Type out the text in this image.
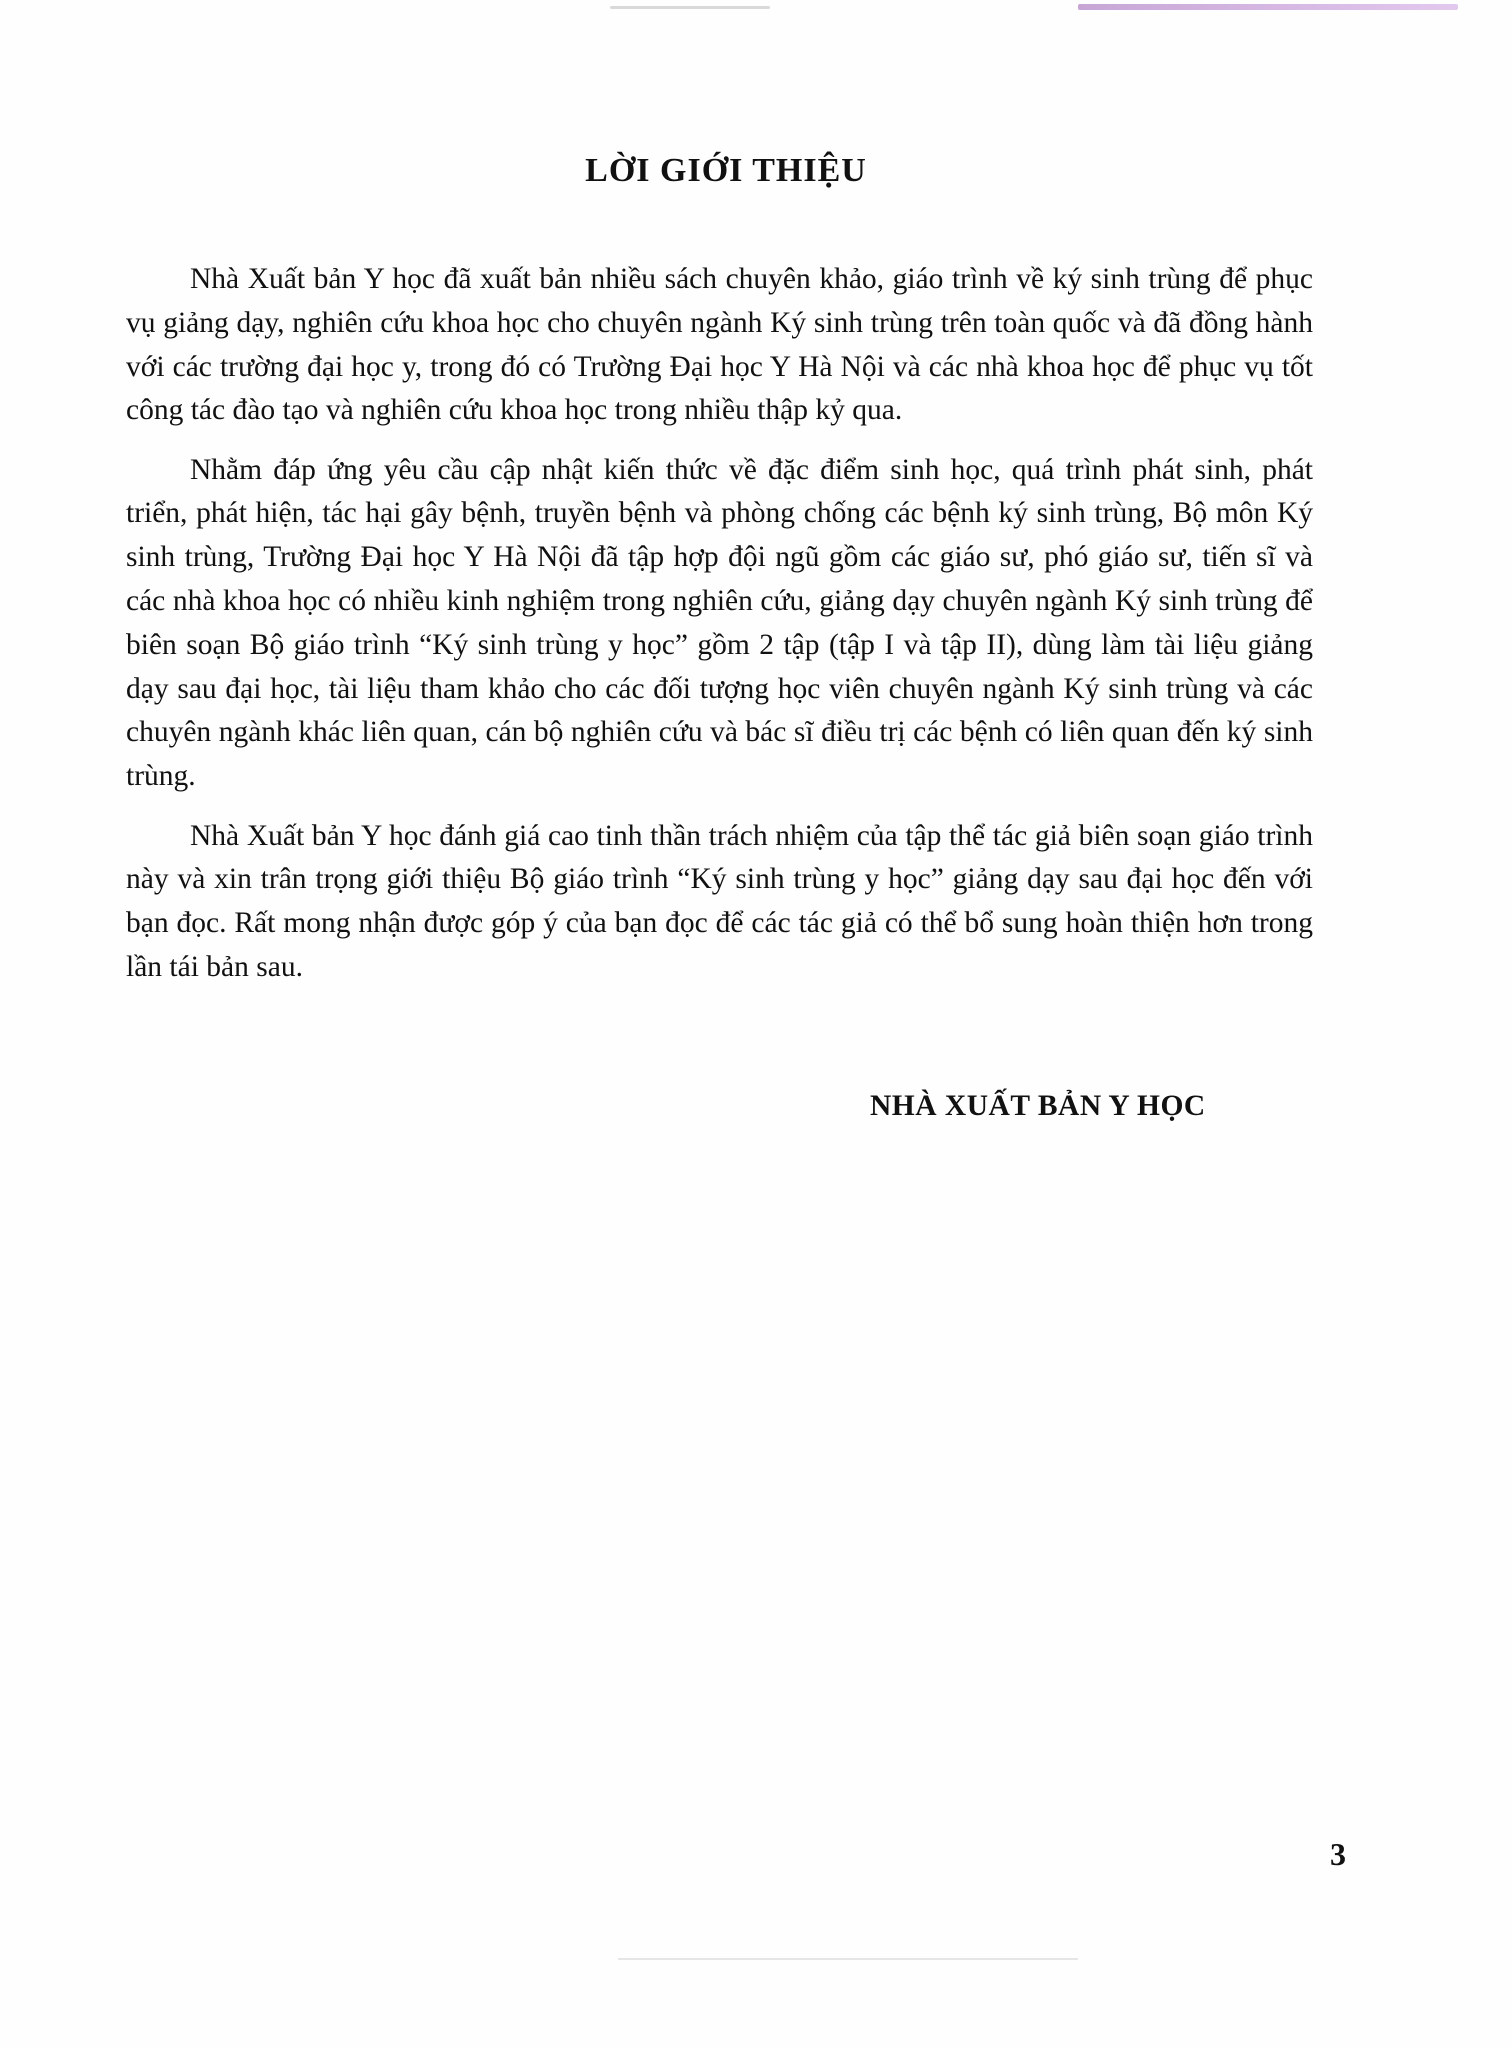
LỜI GIỚI THIỆU

Nhà Xuất bản Y học đã xuất bản nhiều sách chuyên khảo, giáo trình về ký sinh trùng để phục vụ giảng dạy, nghiên cứu khoa học cho chuyên ngành Ký sinh trùng trên toàn quốc và đã đồng hành với các trường đại học y, trong đó có Trường Đại học Y Hà Nội và các nhà khoa học để phục vụ tốt công tác đào tạo và nghiên cứu khoa học trong nhiều thập kỷ qua.

Nhằm đáp ứng yêu cầu cập nhật kiến thức về đặc điểm sinh học, quá trình phát sinh, phát triển, phát hiện, tác hại gây bệnh, truyền bệnh và phòng chống các bệnh ký sinh trùng, Bộ môn Ký sinh trùng, Trường Đại học Y Hà Nội đã tập hợp đội ngũ gồm các giáo sư, phó giáo sư, tiến sĩ và các nhà khoa học có nhiều kinh nghiệm trong nghiên cứu, giảng dạy chuyên ngành Ký sinh trùng để biên soạn Bộ giáo trình “Ký sinh trùng y học” gồm 2 tập (tập I và tập II), dùng làm tài liệu giảng dạy sau đại học, tài liệu tham khảo cho các đối tượng học viên chuyên ngành Ký sinh trùng và các chuyên ngành khác liên quan, cán bộ nghiên cứu và bác sĩ điều trị các bệnh có liên quan đến ký sinh trùng.

Nhà Xuất bản Y học đánh giá cao tinh thần trách nhiệm của tập thể tác giả biên soạn giáo trình này và xin trân trọng giới thiệu Bộ giáo trình “Ký sinh trùng y học” giảng dạy sau đại học đến với bạn đọc. Rất mong nhận được góp ý của bạn đọc để các tác giả có thể bổ sung hoàn thiện hơn trong lần tái bản sau.

NHÀ XUẤT BẢN Y HỌC
3
